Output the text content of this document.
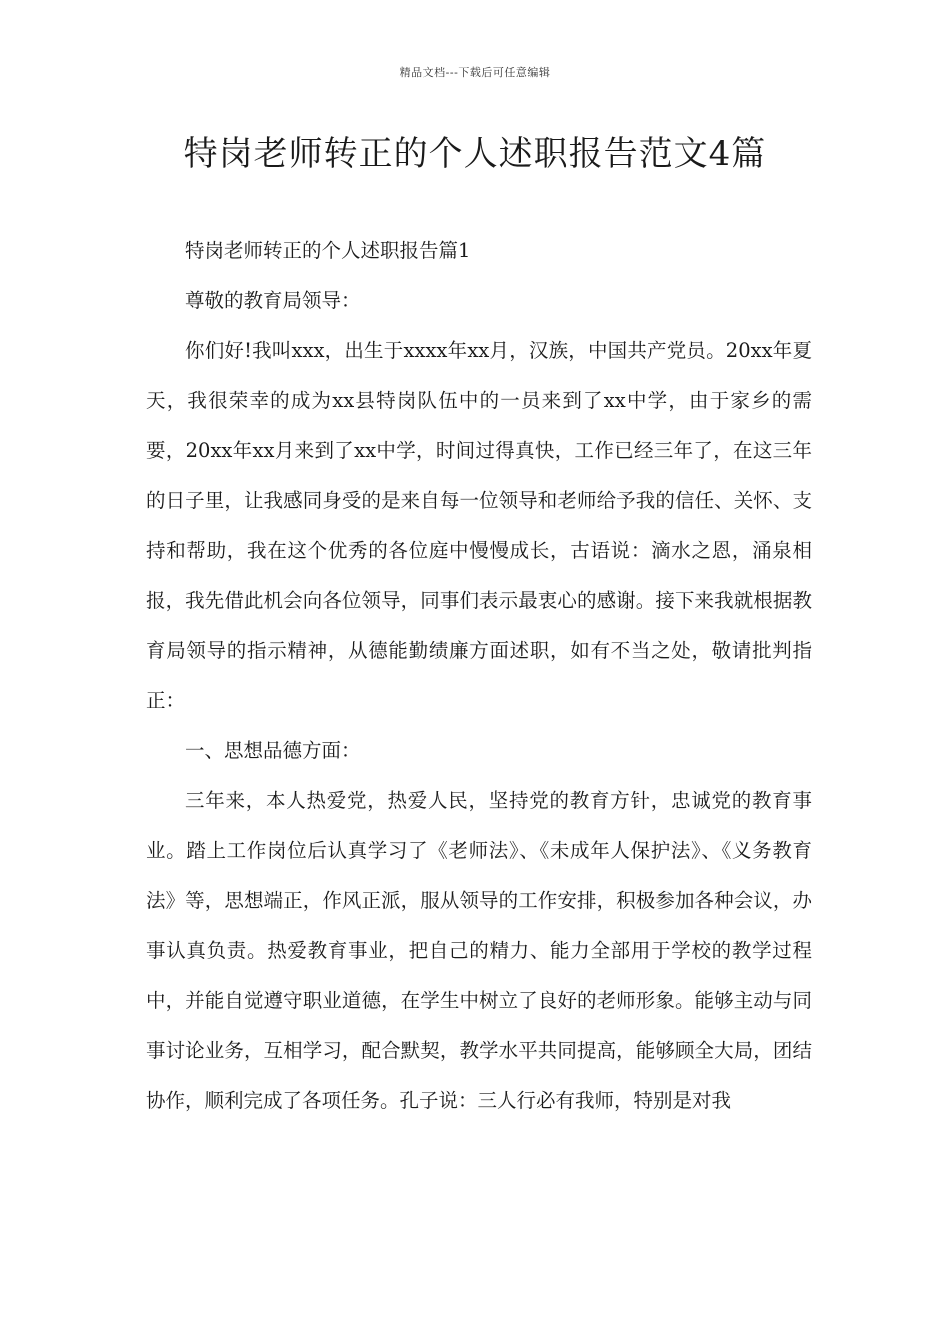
精品文档---下载后可任意编辑
特岗老师转正的个人述职报告范文4篇

特岗老师转正的个人述职报告篇1

尊敬的教育局领导：

你们好!我叫xxx，出生于xxxx年xx月，汉族，中国共产党员。20xx年夏天，我很荣幸的成为xx县特岗队伍中的一员来到了xx中学，由于家乡的需要，20xx年xx月来到了xx中学，时间过得真快，工作已经三年了，在这三年的日子里，让我感同身受的是来自每一位领导和老师给予我的信任、关怀、支持和帮助，我在这个优秀的各位庭中慢慢成长，古语说：滴水之恩，涌泉相报，我先借此机会向各位领导，同事们表示最衷心的感谢。接下来我就根据教育局领导的指示精神，从德能勤绩廉方面述职，如有不当之处，敬请批判指正：

一、思想品德方面：

三年来，本人热爱党，热爱人民，坚持党的教育方针，忠诚党的教育事业。踏上工作岗位后认真学习了《老师法》、《未成年人保护法》、《义务教育法》等，思想端正，作风正派，服从领导的工作安排，积极参加各种会议，办事认真负责。热爱教育事业，把自己的精力、能力全部用于学校的教学过程中，并能自觉遵守职业道德，在学生中树立了良好的老师形象。能够主动与同事讨论业务，互相学习，配合默契，教学水平共同提高，能够顾全大局，团结协作，顺利完成了各项任务。孔子说：三人行必有我师，特别是对我
